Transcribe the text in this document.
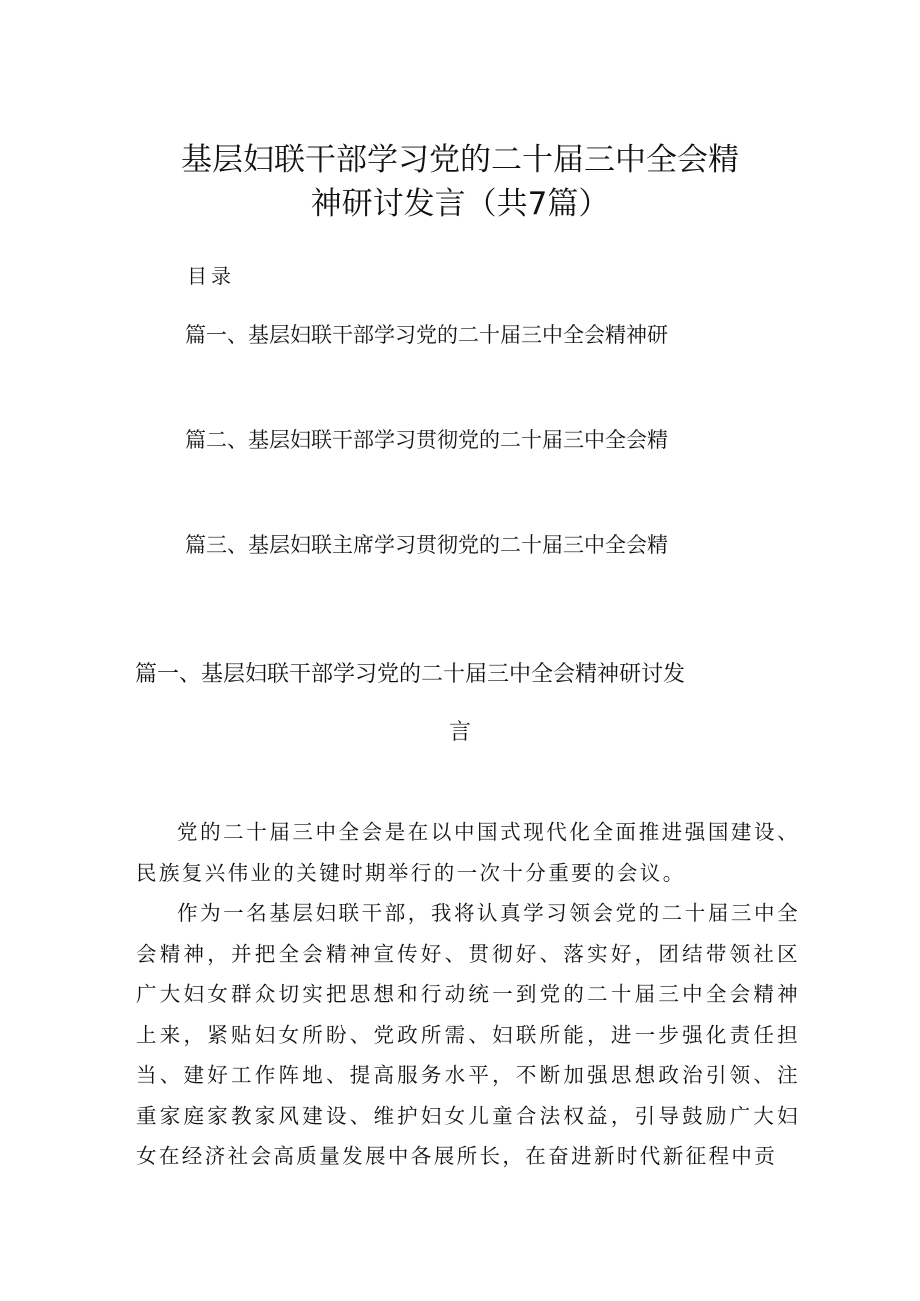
基层妇联干部学习党的二十届三中全会精
神研讨发言（共7篇）
目录
篇一、基层妇联干部学习党的二十届三中全会精神研
篇二、基层妇联干部学习贯彻党的二十届三中全会精
篇三、基层妇联主席学习贯彻党的二十届三中全会精
篇一、基层妇联干部学习党的二十届三中全会精神研讨发
言

党的二十届三中全会是在以中国式现代化全面推进强国建设、民族复兴伟业的关键时期举行的一次十分重要的会议。

作为一名基层妇联干部，我将认真学习领会党的二十届三中全会精神，并把全会精神宣传好、贯彻好、落实好，团结带领社区广大妇女群众切实把思想和行动统一到党的二十届三中全会精神上来，紧贴妇女所盼、党政所需、妇联所能，进一步强化责任担当、建好工作阵地、提高服务水平，不断加强思想政治引领、注重家庭家教家风建设、维护妇女儿童合法权益，引导鼓励广大妇女在经济社会高质量发展中各展所长，在奋进新时代新征程中贡
